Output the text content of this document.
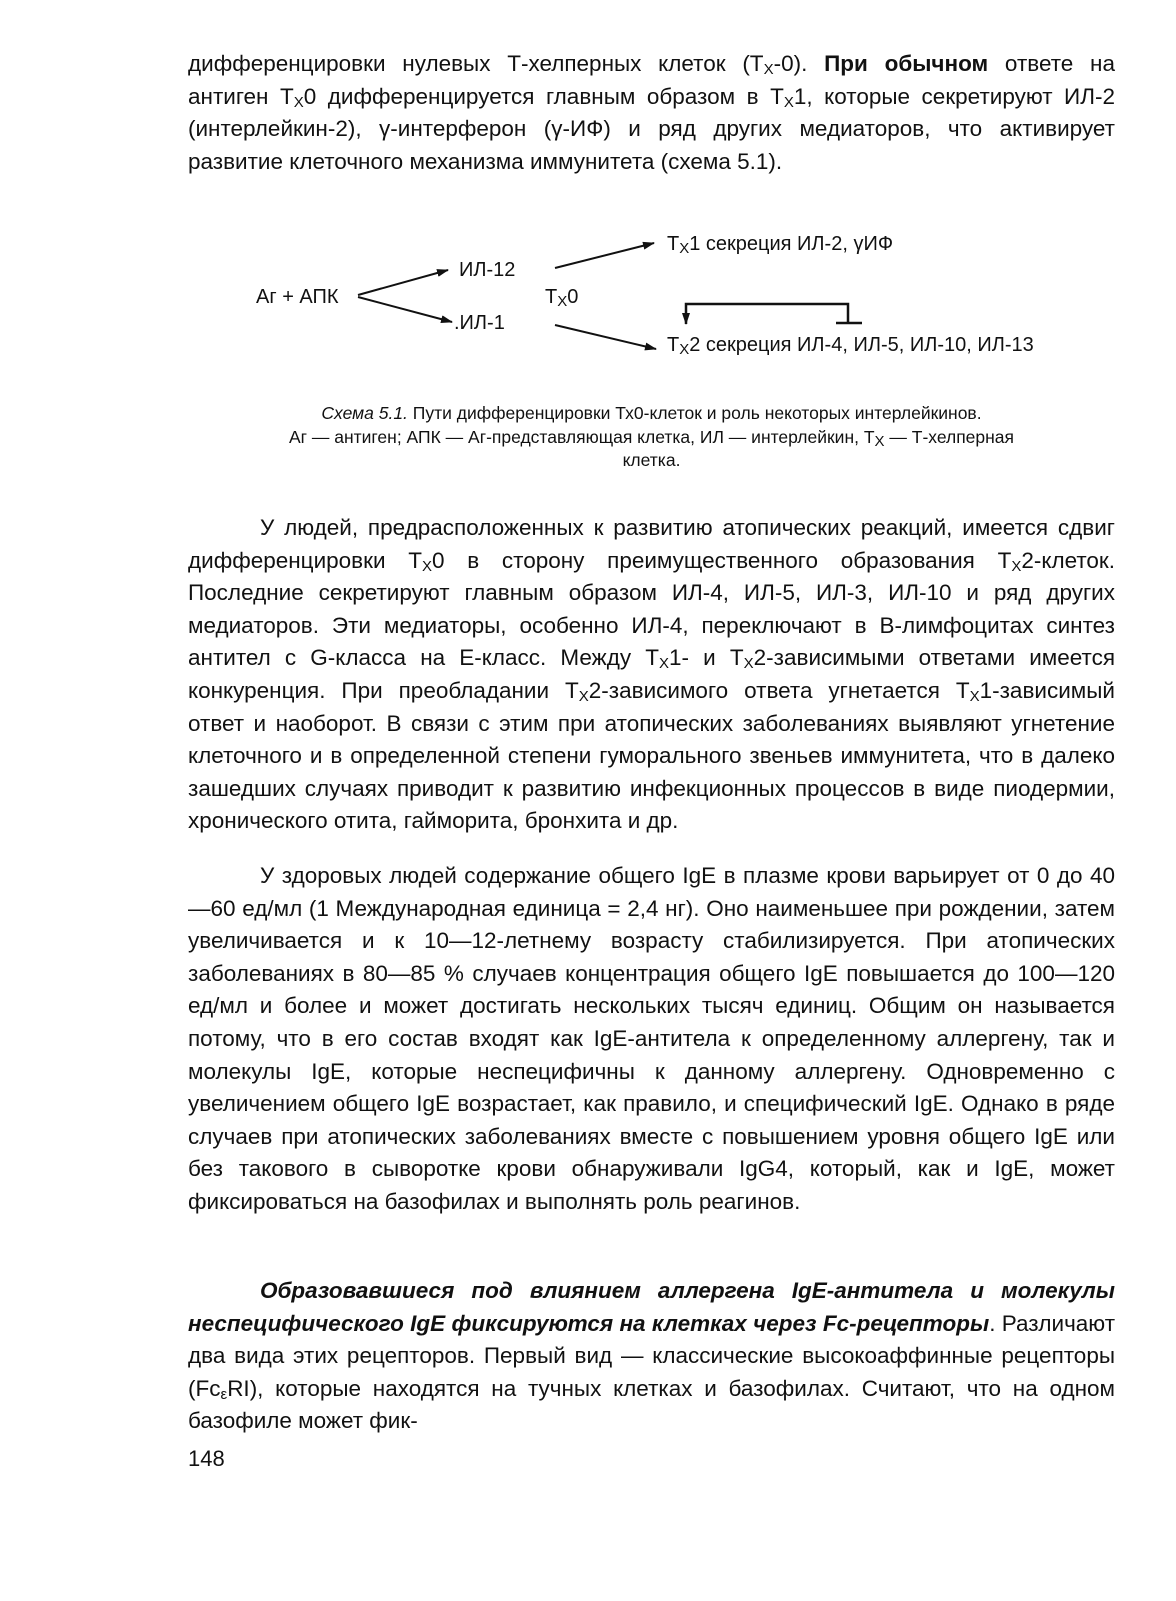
дифференцировки нулевых Т-хелперных клеток $(Т_Х-0)$. При обычном ответе на антиген $Т_Х0$ дифференцируется главным образом в $Т_Х1$, которые секретируют ИЛ-2 (интерлейкин-2), γ-интерферон (γ-ИФ) и ряд других медиаторов, что активирует развитие клеточного механизма иммунитета (схема 5.1).

У людей, предрасположенных к развитию атопических реакций, имеется сдвиг дифференцировки $Т_Х0$ в сторону преимущественного образования $Т_Х2$-клеток. Последние секретируют главным образом ИЛ-4, ИЛ-5, ИЛ-3, ИЛ-10 и ряд других медиаторов. Эти медиаторы, особенно ИЛ-4, переключают в В-лимфоцитах синтез антител с G-класса на Е-класс. Между $Т_Х1-$ и $Т_Х2$-зависимыми ответами имеется конкуренция. При преобладании $Т_Х2$-зависимого ответа угнетается $Т_Х1$-зависимый ответ и наоборот. В связи с этим при атопических заболеваниях выявляют угнетение клеточного и в определенной степени гуморального звеньев иммунитета, что в далеко зашедших случаях приводит к развитию инфекционных процессов в виде пиодермии, хронического отита, гайморита, бронхита и др.

У здоровых людей содержание общего IgE в плазме крови варьирует от 0 до 40—60 ед/мл (1 Международная единица = 2,4 нг). Оно наименьшее при рождении, затем увеличивается и к 10—12-летнему возрасту стабилизируется. При атопических заболеваниях в 80—85 % случаев концентрация общего IgE повышается до 100—120 ед/мл и более и может достигать нескольких тысяч единиц. Общим он называется потому, что в его состав входят как IgE-антитела к определенному аллергену, так и молекулы IgE, которые неспецифичны к данному аллергену. Одновременно с увеличением общего IgE возрастает, как правило, и специфический IgE. Однако в ряде случаев при атопических заболеваниях вместе с повышением уровня общего IgE или без такового в сыворотке крови обнаруживали IgG4, который, как и IgE, может фиксироваться на базофилах и выполнять роль реагинов.

Образовавшиеся под влиянием аллергена IgE-антитела и молекулы неспецифического IgE фиксируются на клетках через Fc-рецепторы. Различают два вида этих рецепторов. Первый вид — классические высокоаффинные рецепторы $(Fc_\varepsilon RI)$, которые находятся на тучных клетках и базофилах. Считают, что на одном базофиле может фик-

Аг + АПК
ИЛ-12
.ИЛ-1
$Т_Х0$
$Т_Х1$ секреция ИЛ-2, γИФ
$Т_Х2$ секреция ИЛ-4, ИЛ-5, ИЛ-10, ИЛ-13
Схема 5.1. Пути дифференцировки Тх0-клеток и роль некоторых интерлейкинов.
Аг — антиген; АПК — Аг-представляющая клетка, ИЛ — интерлейкин, $Т_Х$ — Т-хелперная
клетка.
148
